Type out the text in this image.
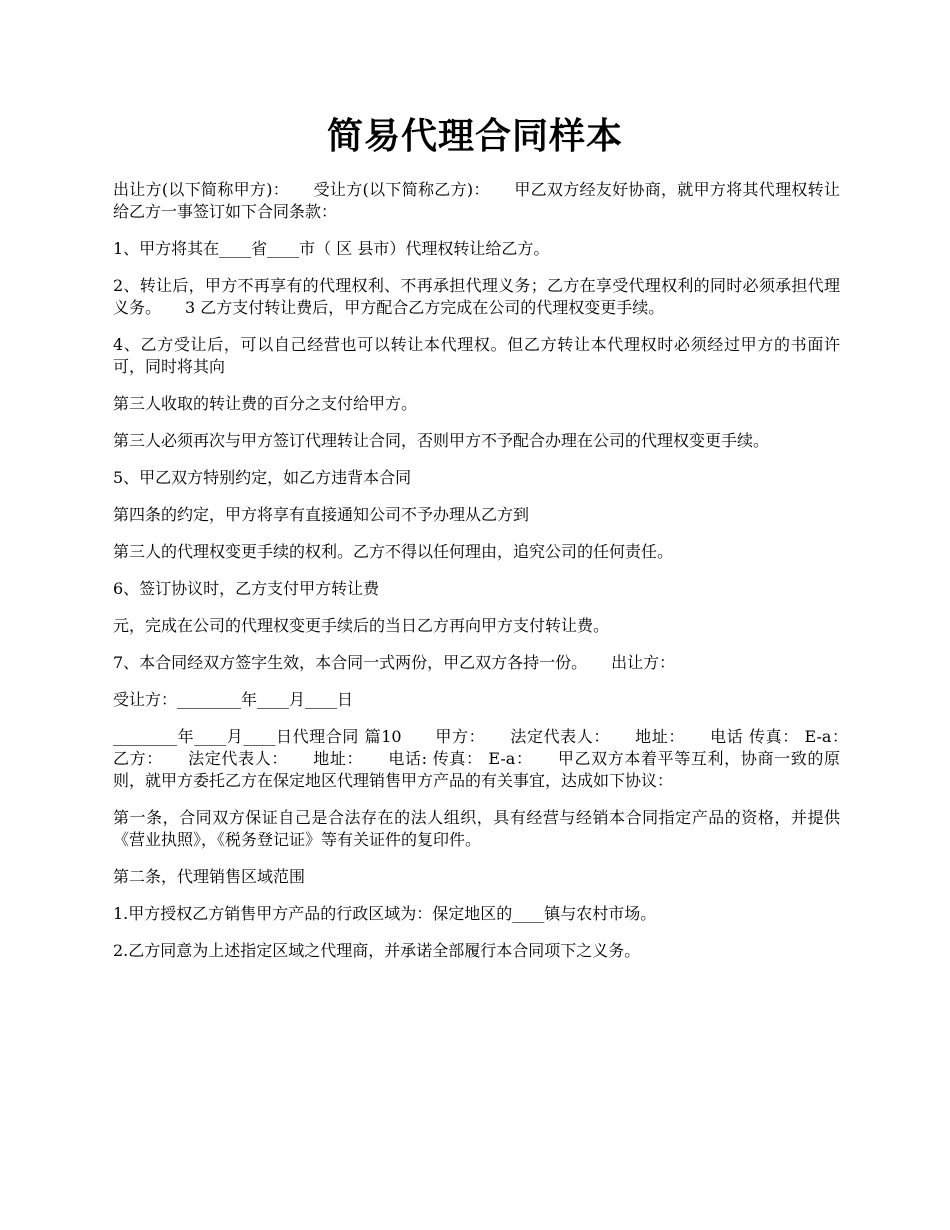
简易代理合同样本

出让方(以下简称甲方)：　　受让方(以下简称乙方)：　　甲乙双方经友好协商，就甲方将其代理权转让给乙方一事签订如下合同条款：

1、甲方将其在____省____市（ 区 县市）代理权转让给乙方。

2、转让后，甲方不再享有的代理权利、不再承担代理义务；乙方在享受代理权利的同时必须承担代理义务。　　3 乙方支付转让费后，甲方配合乙方完成在公司的代理权变更手续。

4、乙方受让后，可以自己经营也可以转让本代理权。但乙方转让本代理权时必须经过甲方的书面许可，同时将其向

第三人收取的转让费的百分之支付给甲方。

第三人必须再次与甲方签订代理转让合同，否则甲方不予配合办理在公司的代理权变更手续。

5、甲乙双方特别约定，如乙方违背本合同

第四条的约定，甲方将享有直接通知公司不予办理从乙方到

第三人的代理权变更手续的权利。乙方不得以任何理由，追究公司的任何责任。

6、签订协议时，乙方支付甲方转让费

元，完成在公司的代理权变更手续后的当日乙方再向甲方支付转让费。

7、本合同经双方签字生效，本合同一式两份，甲乙双方各持一份。　　出让方：

受让方：________年____月____日

________年____月____日代理合同 篇10　　甲方：　　法定代表人：　　地址：　　电话 传真： E-a：　　乙方：　　法定代表人：　　地址：　　电话: 传真： E-a：　　甲乙双方本着平等互利，协商一致的原则，就甲方委托乙方在保定地区代理销售甲方产品的有关事宜，达成如下协议：

第一条，合同双方保证自己是合法存在的法人组织，具有经营与经销本合同指定产品的资格，并提供《营业执照》，《税务登记证》等有关证件的复印件。

第二条，代理销售区域范围

1.甲方授权乙方销售甲方产品的行政区域为：保定地区的____镇与农村市场。

2.乙方同意为上述指定区域之代理商，并承诺全部履行本合同项下之义务。
